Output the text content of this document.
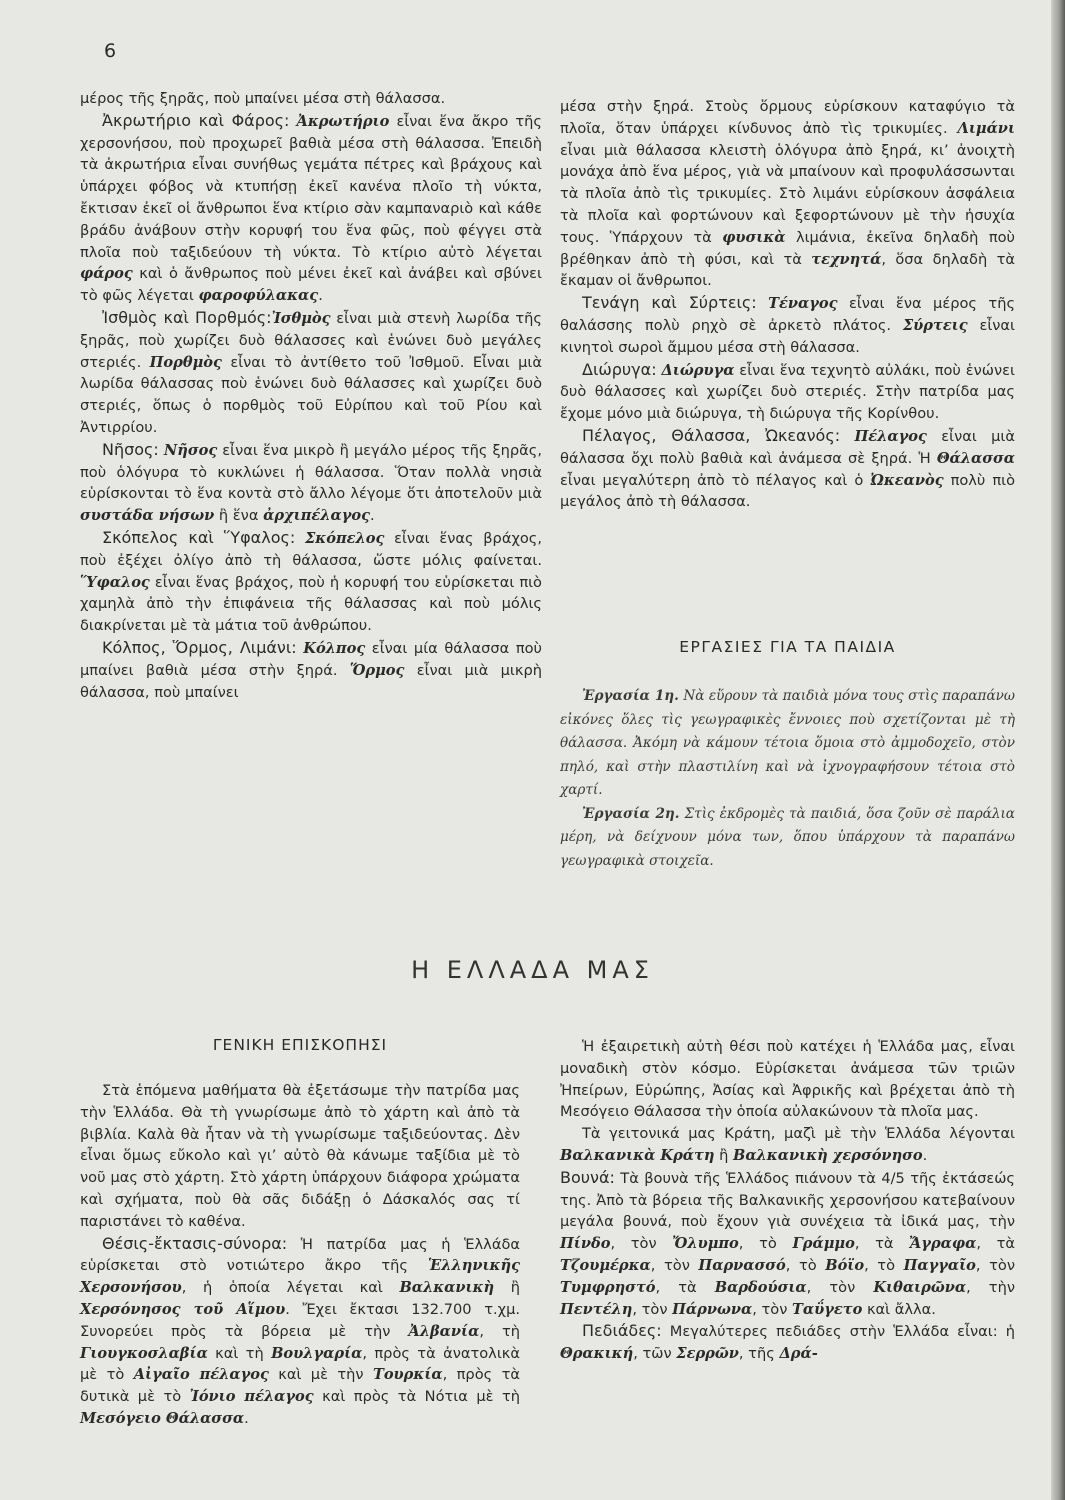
6

μέρος τῆς ξηρᾶς, ποὺ μπαίνει μέσα στὴ θάλασσα.

Ἀκρωτήριο καὶ Φάρος: Ἀκρωτήριο εἶναι ἕνα ἄκρο τῆς χερσονήσου, ποὺ προχωρεῖ βαθιὰ μέσα στὴ θάλασσα. Ἐπειδὴ τὰ ἀκρωτήρια εἶναι συνήθως γεμάτα πέτρες καὶ βράχους καὶ ὑπάρχει φόβος νὰ κτυπήσῃ ἐκεῖ κανένα πλοῖο τὴ νύκτα, ἔκτισαν ἐκεῖ οἱ ἄνθρωποι ἕνα κτίριο σὰν καμπαναριὸ καὶ κάθε βράδυ ἀνάβουν στὴν κορυφή του ἕνα φῶς, ποὺ φέγγει στὰ πλοῖα ποὺ ταξιδεύουν τὴ νύκτα. Τὸ κτίριο αὐτὸ λέγεται φάρος καὶ ὁ ἄνθρωπος ποὺ μένει ἐκεῖ καὶ ἀνάβει καὶ σβύνει τὸ φῶς λέγεται φαροφύλακας.

Ἰσθμὸς καὶ Πορθμός:Ἰσθμὸς εἶναι μιὰ στενὴ λωρίδα τῆς ξηρᾶς, ποὺ χωρίζει δυὸ θάλασσες καὶ ἑνώνει δυὸ μεγάλες στεριές. Πορθμὸς εἶναι τὸ ἀντίθετο τοῦ Ἰσθμοῦ. Εἶναι μιὰ λωρίδα θάλασσας ποὺ ἑνώνει δυὸ θάλασσες καὶ χωρίζει δυὸ στεριές, ὅπως ὁ πορθμὸς τοῦ Εὐρίπου καὶ τοῦ Ρίου καὶ Ἀντιρρίου.

Νῆσος: Νῆσος εἶναι ἕνα μικρὸ ἢ μεγάλο μέρος τῆς ξηρᾶς, ποὺ ὁλόγυρα τὸ κυκλώνει ἡ θάλασσα. Ὅταν πολλὰ νησιὰ εὑρίσκονται τὸ ἕνα κοντὰ στὸ ἄλλο λέγομε ὅτι ἀποτελοῦν μιὰ συστάδα νήσων ἢ ἕνα ἀρχιπέλαγος.

Σκόπελος καὶ Ὕφαλος: Σκόπελος εἶναι ἕνας βράχος, ποὺ ἐξέχει ὀλίγο ἀπὸ τὴ θάλασσα, ὥστε μόλις φαίνεται. Ὕφαλος εἶναι ἕνας βράχος, ποὺ ἡ κορυφή του εὑρίσκεται πιὸ χαμηλὰ ἀπὸ τὴν ἐπιφάνεια τῆς θάλασσας καὶ ποὺ μόλις διακρίνεται μὲ τὰ μάτια τοῦ ἀνθρώπου.

Κόλπος, Ὅρμος, Λιμάνι: Κόλπος εἶναι μία θάλασσα ποὺ μπαίνει βαθιὰ μέσα στὴν ξηρά. Ὅρμος εἶναι μιὰ μικρὴ θάλασσα, ποὺ μπαίνει

μέσα στὴν ξηρά. Στοὺς ὅρμους εὑρίσκουν καταφύγιο τὰ πλοῖα, ὅταν ὑπάρχει κίνδυνος ἀπὸ τὶς τρικυμίες. Λιμάνι εἶναι μιὰ θάλασσα κλειστὴ ὁλόγυρα ἀπὸ ξηρά, κι’ ἀνοιχτὴ μονάχα ἀπὸ ἕνα μέρος, γιὰ νὰ μπαίνουν καὶ προφυλάσσωνται τὰ πλοῖα ἀπὸ τὶς τρικυμίες. Στὸ λιμάνι εὑρίσκουν ἀσφάλεια τὰ πλοῖα καὶ φορτώνουν καὶ ξεφορτώνουν μὲ τὴν ἡσυχία τους. Ὑπάρχουν τὰ φυσικὰ λιμάνια, ἐκεῖνα δηλαδὴ ποὺ βρέθηκαν ἀπὸ τὴ φύσι, καὶ τὰ τεχνητά, ὅσα δηλαδὴ τὰ ἔκαμαν οἱ ἄνθρωποι.

Τενάγη καὶ Σύρτεις: Τέναγος εἶναι ἕνα μέρος τῆς θαλάσσης πολὺ ρηχὸ σὲ ἀρκετὸ πλάτος. Σύρτεις εἶναι κινητοὶ σωροὶ ἄμμου μέσα στὴ θάλασσα.

Διώρυγα: Διώρυγα εἶναι ἕνα τεχνητὸ αὐλάκι, ποὺ ἑνώνει δυὸ θάλασσες καὶ χωρίζει δυὸ στεριές. Στὴν πατρίδα μας ἔχομε μόνο μιὰ διώρυγα, τὴ διώρυγα τῆς Κορίνθου.

Πέλαγος, Θάλασσα, Ὠκεανός: Πέλαγος εἶναι μιὰ θάλασσα ὄχι πολὺ βαθιὰ καὶ ἀνάμεσα σὲ ξηρά. Ἡ Θάλασσα εἶναι μεγαλύτερη ἀπὸ τὸ πέλαγος καὶ ὁ Ὠκεανὸς πολὺ πιὸ μεγάλος ἀπὸ τὴ θάλασσα.

ΕΡΓΑΣΙΕΣ ΓΙΑ ΤΑ ΠΑΙΔΙΑ

Ἐργασία 1η. Νὰ εὕρουν τὰ παιδιὰ μόνα τους στὶς παραπάνω εἰκόνες ὅλες τὶς γεωγραφικὲς ἔννοιες ποὺ σχετίζονται μὲ τὴ θάλασσα. Ἀκόμη νὰ κάμουν τέτοια ὅμοια στὸ ἀμμοδοχεῖο, στὸν πηλό, καὶ στὴν πλαστιλίνη καὶ νὰ ἰχνογραφήσουν τέτοια στὸ χαρτί.

Ἐργασία 2η. Στὶς ἐκδρομὲς τὰ παιδιά, ὅσα ζοῦν σὲ παράλια μέρη, νὰ δείχνουν μόνα των, ὅπου ὑπάρχουν τὰ παραπάνω γεωγραφικὰ στοιχεῖα.

Η ΕΛΛΑΔΑ ΜΑΣ
ΓΕΝΙΚΗ ΕΠΙΣΚΟΠΗΣΙ

Στὰ ἑπόμενα μαθήματα θὰ ἐξετάσωμε τὴν πατρίδα μας τὴν Ἑλλάδα. Θὰ τὴ γνωρίσωμε ἀπὸ τὸ χάρτη καὶ ἀπὸ τὰ βιβλία. Καλὰ θὰ ἦταν νὰ τὴ γνωρίσωμε ταξιδεύοντας. Δὲν εἶναι ὅμως εὔκολο καὶ γι’ αὐτὸ θὰ κάνωμε ταξίδια μὲ τὸ νοῦ μας στὸ χάρτη. Στὸ χάρτη ὑπάρχουν διάφορα χρώματα καὶ σχήματα, ποὺ θὰ σᾶς διδάξῃ ὁ Δάσκαλός σας τί παριστάνει τὸ καθένα.

Θέσις-ἔκτασις-σύνορα: Ἡ πατρίδα μας ἡ Ἑλλάδα εὑρίσκεται στὸ νοτιώτερο ἄκρο τῆς Ἑλληνικῆς Χερσονήσου, ἡ ὁποία λέγεται καὶ Βαλκανικὴ ἢ Χερσόνησος τοῦ Αἵμου. Ἔχει ἔκτασι 132.700 τ.χμ. Συνορεύει πρὸς τὰ βόρεια μὲ τὴν Ἀλβανία, τὴ Γιουγκοσλαβία καὶ τὴ Βουλγαρία, πρὸς τὰ ἀνατολικὰ μὲ τὸ Αἰγαῖο πέλαγος καὶ μὲ τὴν Τουρκία, πρὸς τὰ δυτικὰ μὲ τὸ Ἰόνιο πέλαγος καὶ πρὸς τὰ Νότια μὲ τὴ Μεσόγειο Θάλασσα.

Ἡ ἐξαιρετικὴ αὐτὴ θέσι ποὺ κατέχει ἡ Ἑλλάδα μας, εἶναι μοναδικὴ στὸν κόσμο. Εὑρίσκεται ἀνάμεσα τῶν τριῶν Ἠπείρων, Εὐρώπης, Ἀσίας καὶ Ἀφρικῆς καὶ βρέχεται ἀπὸ τὴ Μεσόγειο Θάλασσα τὴν ὁποία αὐλακώνουν τὰ πλοῖα μας.

Τὰ γειτονικά μας Κράτη, μαζὶ μὲ τὴν Ἑλλάδα λέγονται Βαλκανικὰ Κράτη ἢ Βαλκανικὴ χερσόνησο.

Βουνά: Τὰ βουνὰ τῆς Ἑλλάδος πιάνουν τὰ 4/5 τῆς ἐκτάσεώς της. Ἀπὸ τὰ βόρεια τῆς Βαλκανικῆς χερσονήσου κατεβαίνουν μεγάλα βουνά, ποὺ ἔχουν γιὰ συνέχεια τὰ ἰδικά μας, τὴν Πίνδο, τὸν Ὄλυμπο, τὸ Γράμμο, τὰ Ἄγραφα, τὰ Τζουμέρκα, τὸν Παρνασσό, τὸ Βόϊο, τὸ Παγγαῖο, τὸν Τυμφρηστό, τὰ Βαρδούσια, τὸν Κιθαιρῶνα, τὴν Πεντέλη, τὸν Πάρνωνα, τὸν Ταΰγετο καὶ ἄλλα.

Πεδιάδες: Μεγαλύτερες πεδιάδες στὴν Ἑλλάδα εἶναι: ἡ Θρακική, τῶν Σερρῶν, τῆς Δρά-
